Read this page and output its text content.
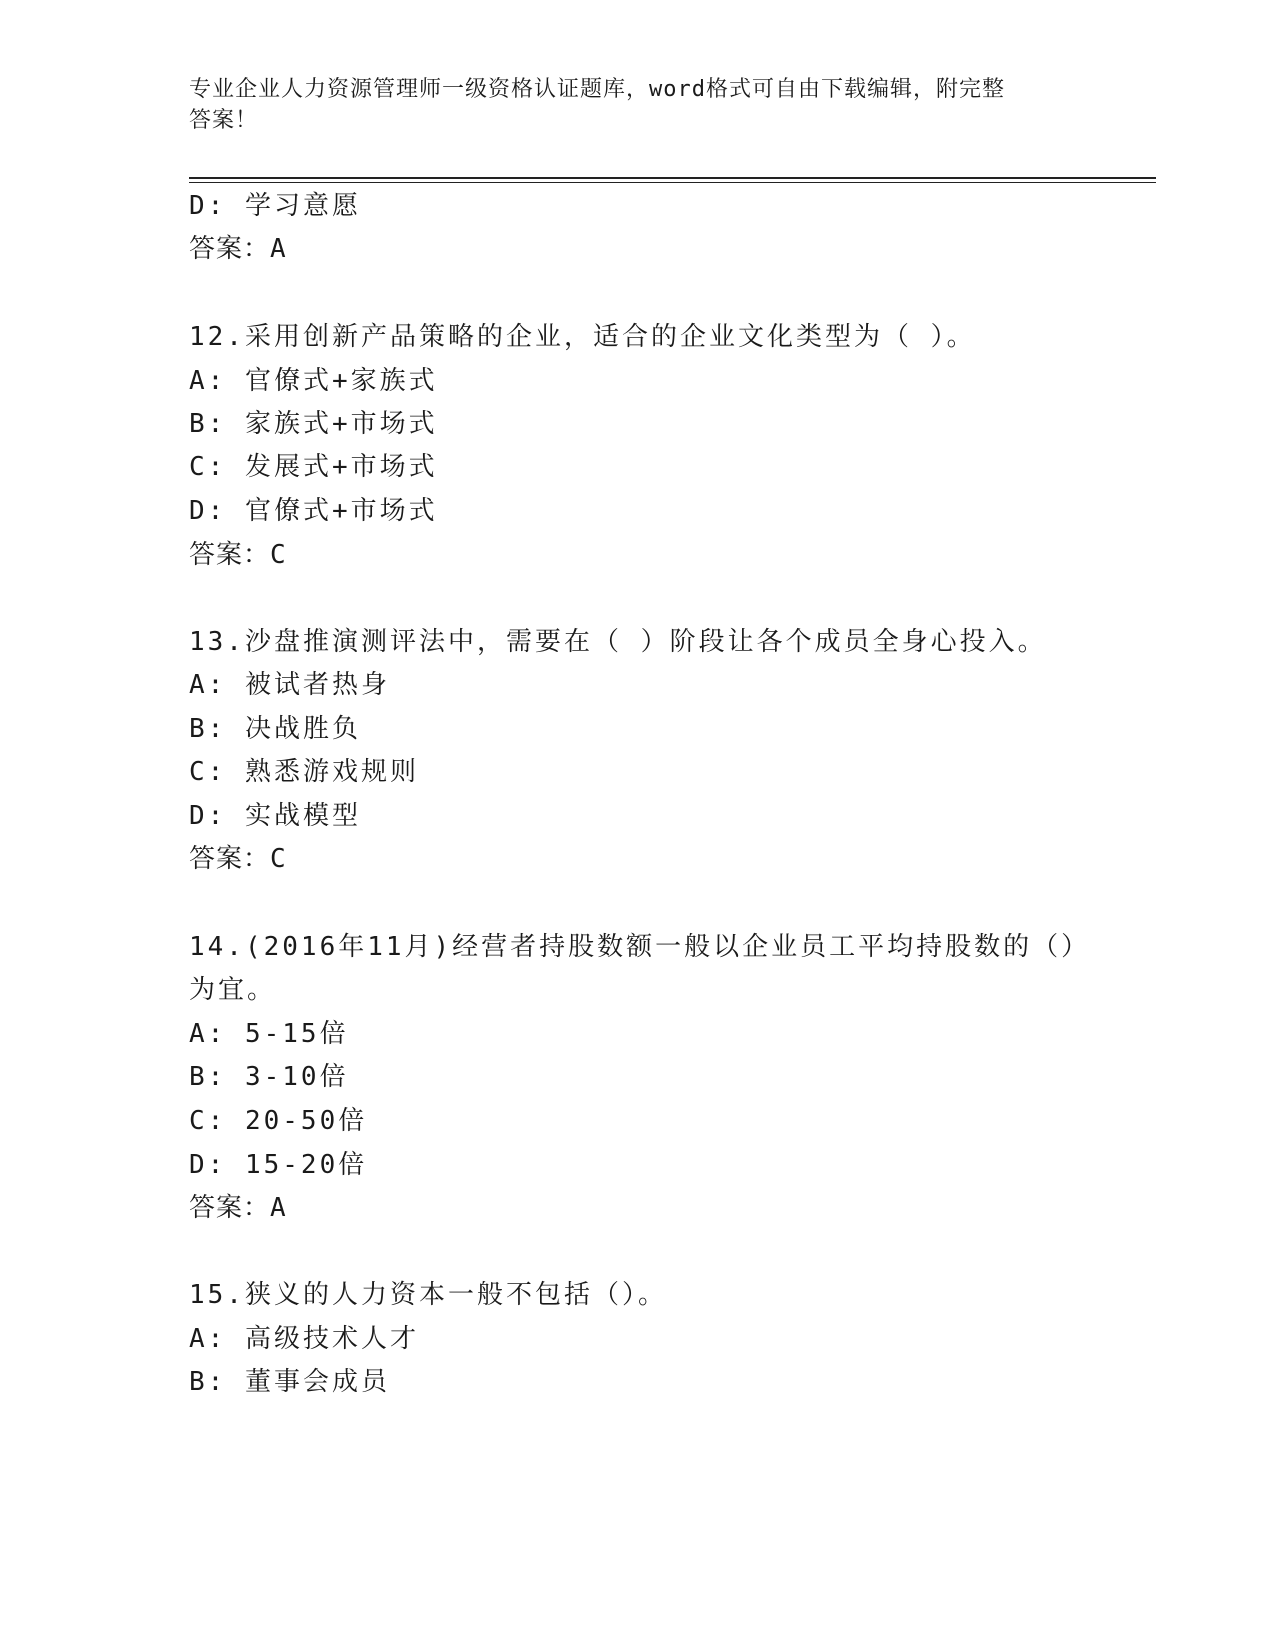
专业企业人力资源管理师一级资格认证题库，word格式可自由下载编辑，附完整
答案！

D: 学习意愿

答案：A

12.采用创新产品策略的企业，适合的企业文化类型为（ ）。

A: 官僚式+家族式

B: 家族式+市场式

C: 发展式+市场式

D: 官僚式+市场式

答案：C

13.沙盘推演测评法中，需要在（ ）阶段让各个成员全身心投入。

A: 被试者热身

B: 决战胜负

C: 熟悉游戏规则

D: 实战模型

答案：C

14.(2016年11月)经营者持股数额一般以企业员工平均持股数的（）

为宜。

A: 5-15倍

B: 3-10倍

C: 20-50倍

D: 15-20倍

答案：A

15.狭义的人力资本一般不包括（）。

A: 高级技术人才

B: 董事会成员
